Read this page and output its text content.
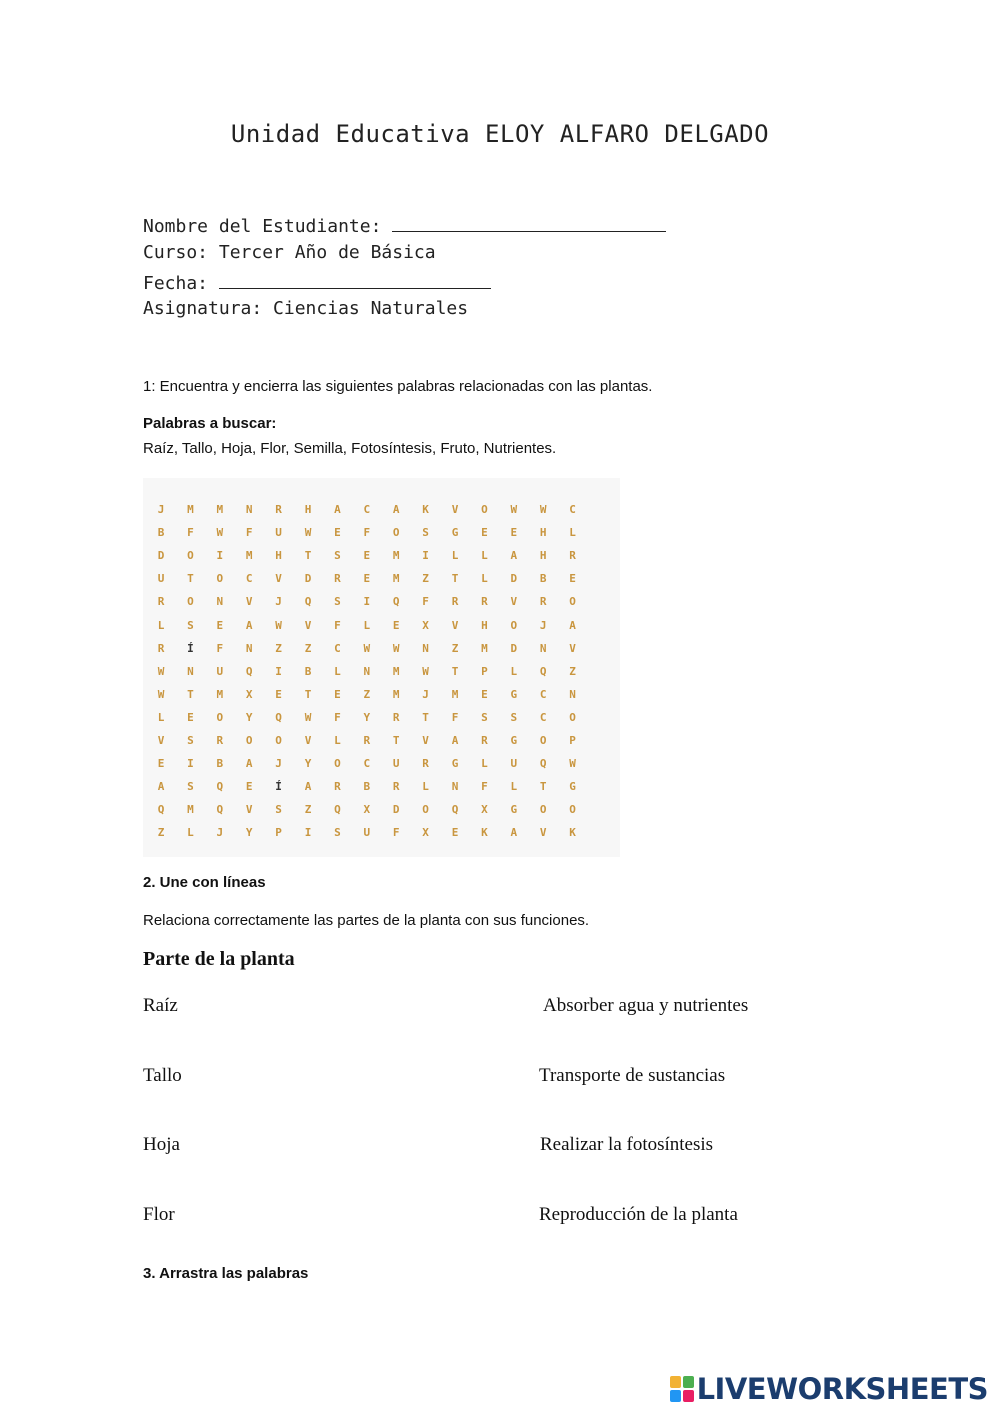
Unidad Educativa ELOY ALFARO DELGADO
Nombre del Estudiante:
Curso: Tercer Año de Básica
Fecha:
Asignatura: Ciencias Naturales
1: Encuentra y encierra las siguientes palabras relacionadas con las plantas.
Palabras a buscar:
Raíz, Tallo, Hoja, Flor, Semilla, Fotosíntesis, Fruto, Nutrientes.
J	M	M	N	R	H	A	C	A	K	V	O	W	W	C
B	F	W	F	U	W	E	F	O	S	G	E	E	H	L
D	O	I	M	H	T	S	E	M	I	L	L	A	H	R
U	T	O	C	V	D	R	E	M	Z	T	L	D	B	E
R	O	N	V	J	Q	S	I	Q	F	R	R	V	R	O
L	S	E	A	W	V	F	L	E	X	V	H	O	J	A
R	Í	F	N	Z	Z	C	W	W	N	Z	M	D	N	V
W	N	U	Q	I	B	L	N	M	W	T	P	L	Q	Z
W	T	M	X	E	T	E	Z	M	J	M	E	G	C	N
L	E	O	Y	Q	W	F	Y	R	T	F	S	S	C	O
V	S	R	O	O	V	L	R	T	V	A	R	G	O	P
E	I	B	A	J	Y	O	C	U	R	G	L	U	Q	W
A	S	Q	E	Í	A	R	B	R	L	N	F	L	T	G
Q	M	Q	V	S	Z	Q	X	D	O	Q	X	G	O	O
Z	L	J	Y	P	I	S	U	F	X	E	K	A	V	K
2. Une con líneas
Relaciona correctamente las partes de la planta con sus funciones.
Parte de la planta
Raíz	Absorber agua y nutrientes
Tallo	Transporte de sustancias
Hoja	Realizar la fotosíntesis
Flor	Reproducción de la planta
3. Arrastra las palabras
LIVEWORKSHEETS
